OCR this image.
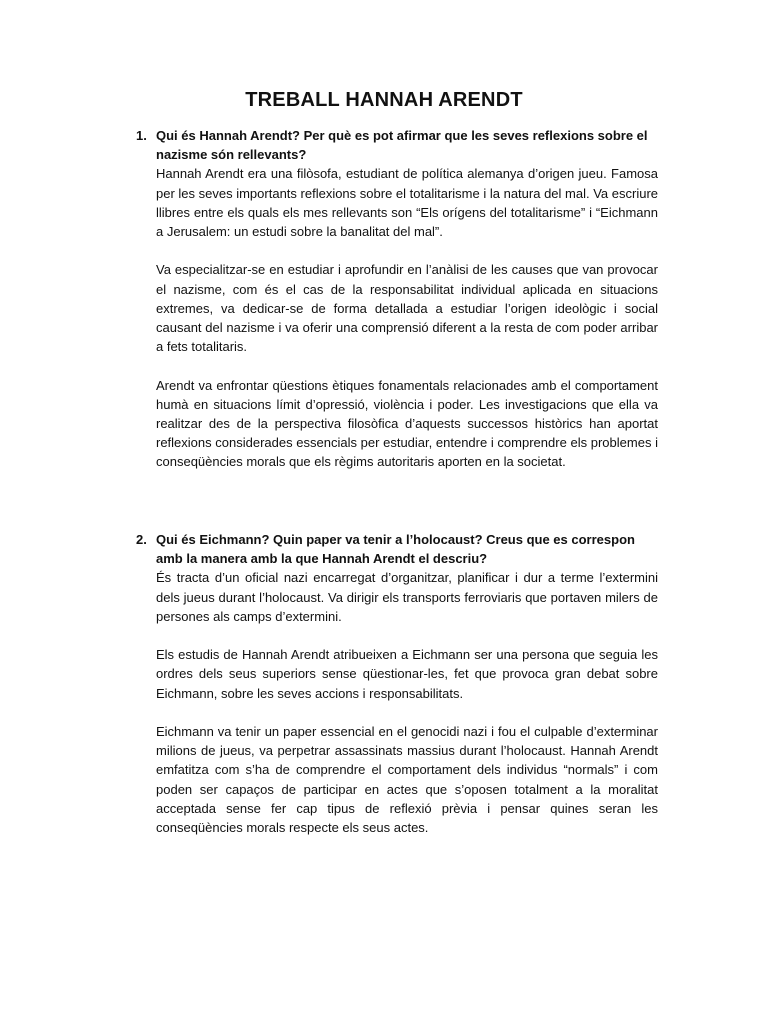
TREBALL HANNAH ARENDT
1. Qui és Hannah Arendt? Per què es pot afirmar que les seves reflexions sobre el nazisme són rellevants?

Hannah Arendt era una filòsofa, estudiant de política alemanya d’origen jueu. Famosa per les seves importants reflexions sobre el totalitarisme i la natura del mal. Va escriure llibres entre els quals els mes rellevants son “Els orígens del totalitarisme” i “Eichmann a Jerusalem: un estudi sobre la banalitat del mal”.

Va especialitzar-se en estudiar i aprofundir en l’anàlisi de les causes que van provocar el nazisme, com és el cas de la responsabilitat individual aplicada en situacions extremes, va dedicar-se de forma detallada a estudiar l’origen ideològic i social causant del nazisme i va oferir una comprensió diferent a la resta de com poder arribar a fets totalitaris.

Arendt va enfrontar qüestions ètiques fonamentals relacionades amb el comportament humà en situacions límit d’opressió, violència i poder. Les investigacions que ella va realitzar des de la perspectiva filosòfica d’aquests successos històrics han aportat reflexions considerades essencials per estudiar, entendre i comprendre els problemes i conseqüències morals que els règims autoritaris aporten en la societat.

2. Qui és Eichmann? Quin paper va tenir a l’holocaust? Creus que es correspon amb la manera amb la que Hannah Arendt el descriu?

És tracta d’un oficial nazi encarregat d’organitzar, planificar i dur a terme l’extermini dels jueus durant l’holocaust. Va dirigir els transports ferroviaris que portaven milers de persones als camps d’extermini.

Els estudis de Hannah Arendt atribueixen a Eichmann ser una persona que seguia les ordres dels seus superiors sense qüestionar-les, fet que provoca gran debat sobre Eichmann, sobre les seves accions i responsabilitats.

Eichmann va tenir un paper essencial en el genocidi nazi i fou el culpable d’exterminar milions de jueus, va perpetrar assassinats massius durant l’holocaust. Hannah Arendt emfatitza com s’ha de comprendre el comportament dels individus “normals” i com poden ser capaços de participar en actes que s’oposen totalment a la moralitat acceptada sense fer cap tipus de reflexió prèvia i pensar quines seran les conseqüències morals respecte els seus actes.
